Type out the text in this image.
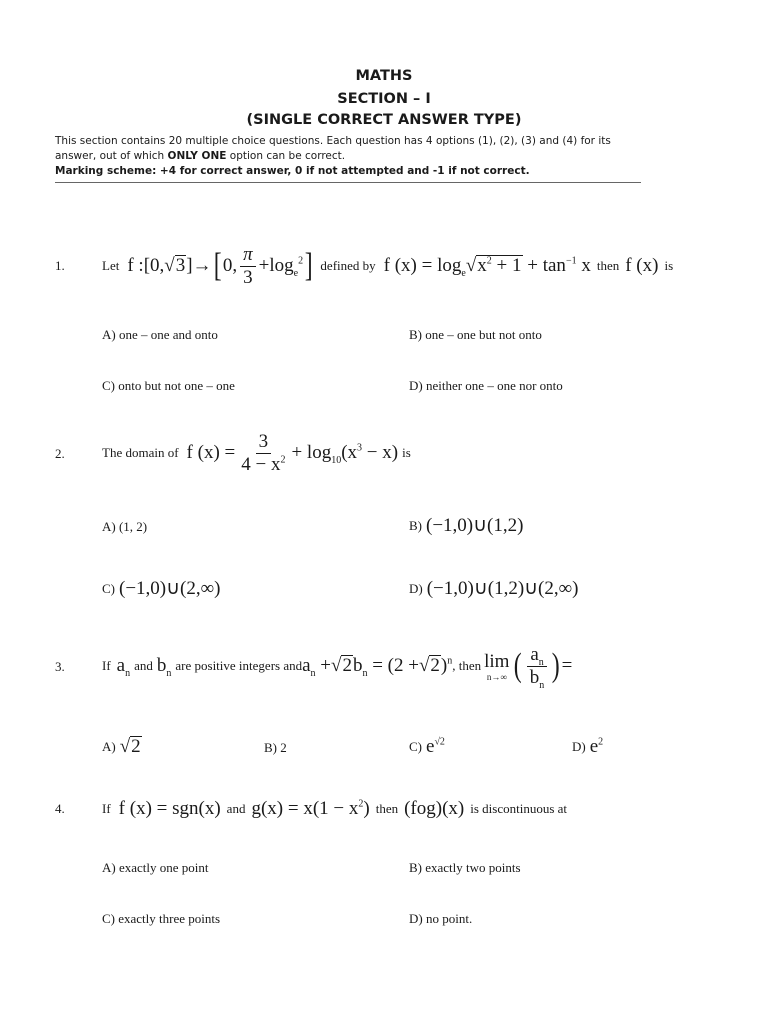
MATHS
SECTION – I
(SINGLE CORRECT ANSWER TYPE)
This section contains 20 multiple choice questions. Each question has 4 options (1), (2), (3) and (4) for its
answer, out of which ONLY ONE option can be correct.
Marking scheme: +4 for correct answer, 0 if not attempted and -1 if not correct.
1.	Let f : [0, √ 3 ]→ [ 0, $\frac{\pi}{3} +\log_e^2$ ] defined by f $(x) = \log_e$ √ $x^2 + 1 + \tan^{-1} x$ then f (x) is
A) one – one and onto	B) one – one but not onto
C) onto but not one – one	D) neither one – one nor onto
2.	The domain of f $(x) = \frac{3}{4 - x^2} + \log_{10}(x^3 - x)$ is
A) (1, 2)	B) (−1,0)∪(1,2)
C) (−1,0)∪(2,∞)	D) (−1,0)∪(1,2)∪(2,∞)
3.	If $a_n$
and $b_n$
are positive integers and $a_n$ + √ 2 $b_n = (2$ + √ 2 )$^n$ , then lim
n→∞ ( $\frac{a_n}{b_n}$ ) =
A) √ 2	B) 2	C) $e^{√2}$	D) $e^2$
4.	If f (x) = sgn(x) and $g(x) = x(1 - x^2)$ then (fog)(x) is discontinuous at
A) exactly one point	B) exactly two points
C) exactly three points	D) no point.
